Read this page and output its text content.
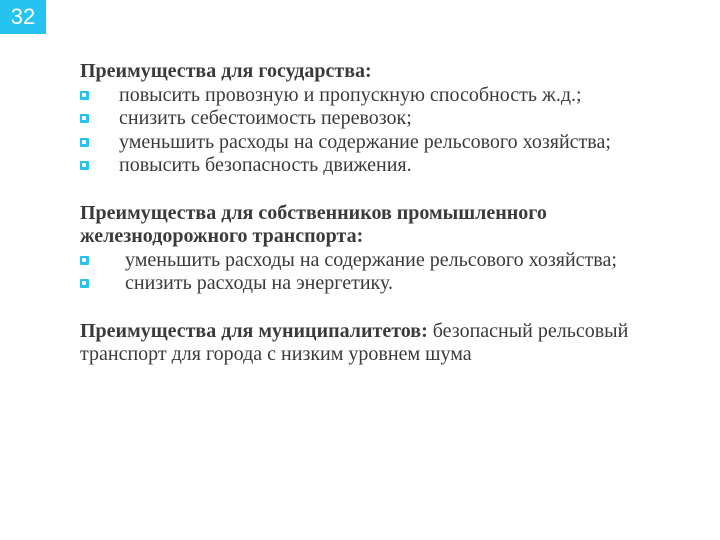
32
Преимущества для государства:
повысить провозную и пропускную способность ж.д.;
снизить себестоимость перевозок;
уменьшить расходы на содержание рельсового хозяйства;
повысить безопасность движения.
Преимущества для собственников промышленного железнодорожного транспорта:
уменьшить расходы на содержание рельсового хозяйства;
снизить расходы на энергетику.
Преимущества для муниципалитетов: безопасный рельсовый транспорт для города с низким уровнем шума
